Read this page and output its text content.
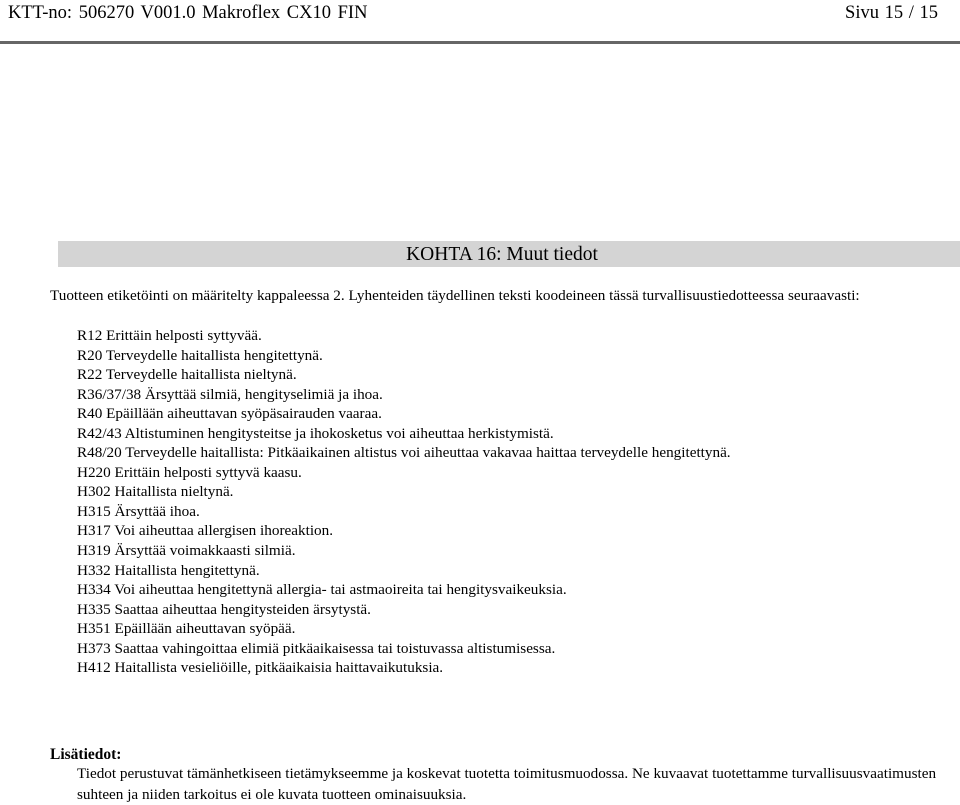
KTT-no: 506270 V001.0 Makroflex CX10 FIN	Sivu 15 / 15
KOHTA 16: Muut tiedot

Tuotteen etiketöinti on määritelty kappaleessa 2. Lyhenteiden täydellinen teksti koodeineen tässä turvallisuustiedotteessa seuraavasti:

R12 Erittäin helposti syttyvää.
R20 Terveydelle haitallista hengitettynä.
R22 Terveydelle haitallista nieltynä.
R36/37/38 Ärsyttää silmiä, hengityselimiä ja ihoa.
R40 Epäillään aiheuttavan syöpäsairauden vaaraa.
R42/43 Altistuminen hengitysteitse ja ihokosketus voi aiheuttaa herkistymistä.
R48/20 Terveydelle haitallista: Pitkäaikainen altistus voi aiheuttaa vakavaa haittaa terveydelle hengitettynä.
H220 Erittäin helposti syttyvä kaasu.
H302 Haitallista nieltynä.
H315 Ärsyttää ihoa.
H317 Voi aiheuttaa allergisen ihoreaktion.
H319 Ärsyttää voimakkaasti silmiä.
H332 Haitallista hengitettynä.
H334 Voi aiheuttaa hengitettynä allergia- tai astmaoireita tai hengitysvaikeuksia.
H335 Saattaa aiheuttaa hengitysteiden ärsytystä.
H351 Epäillään aiheuttavan syöpää.
H373 Saattaa vahingoittaa elimiä pitkäaikaisessa tai toistuvassa altistumisessa.
H412 Haitallista vesieliöille, pitkäaikaisia haittavaikutuksia.
Lisätiedot:

Tiedot perustuvat tämänhetkiseen tietämykseemme ja koskevat tuotetta toimitusmuodossa. Ne kuvaavat tuotettamme turvallisuusvaatimusten suhteen ja niiden tarkoitus ei ole kuvata tuotteen ominaisuuksia.
